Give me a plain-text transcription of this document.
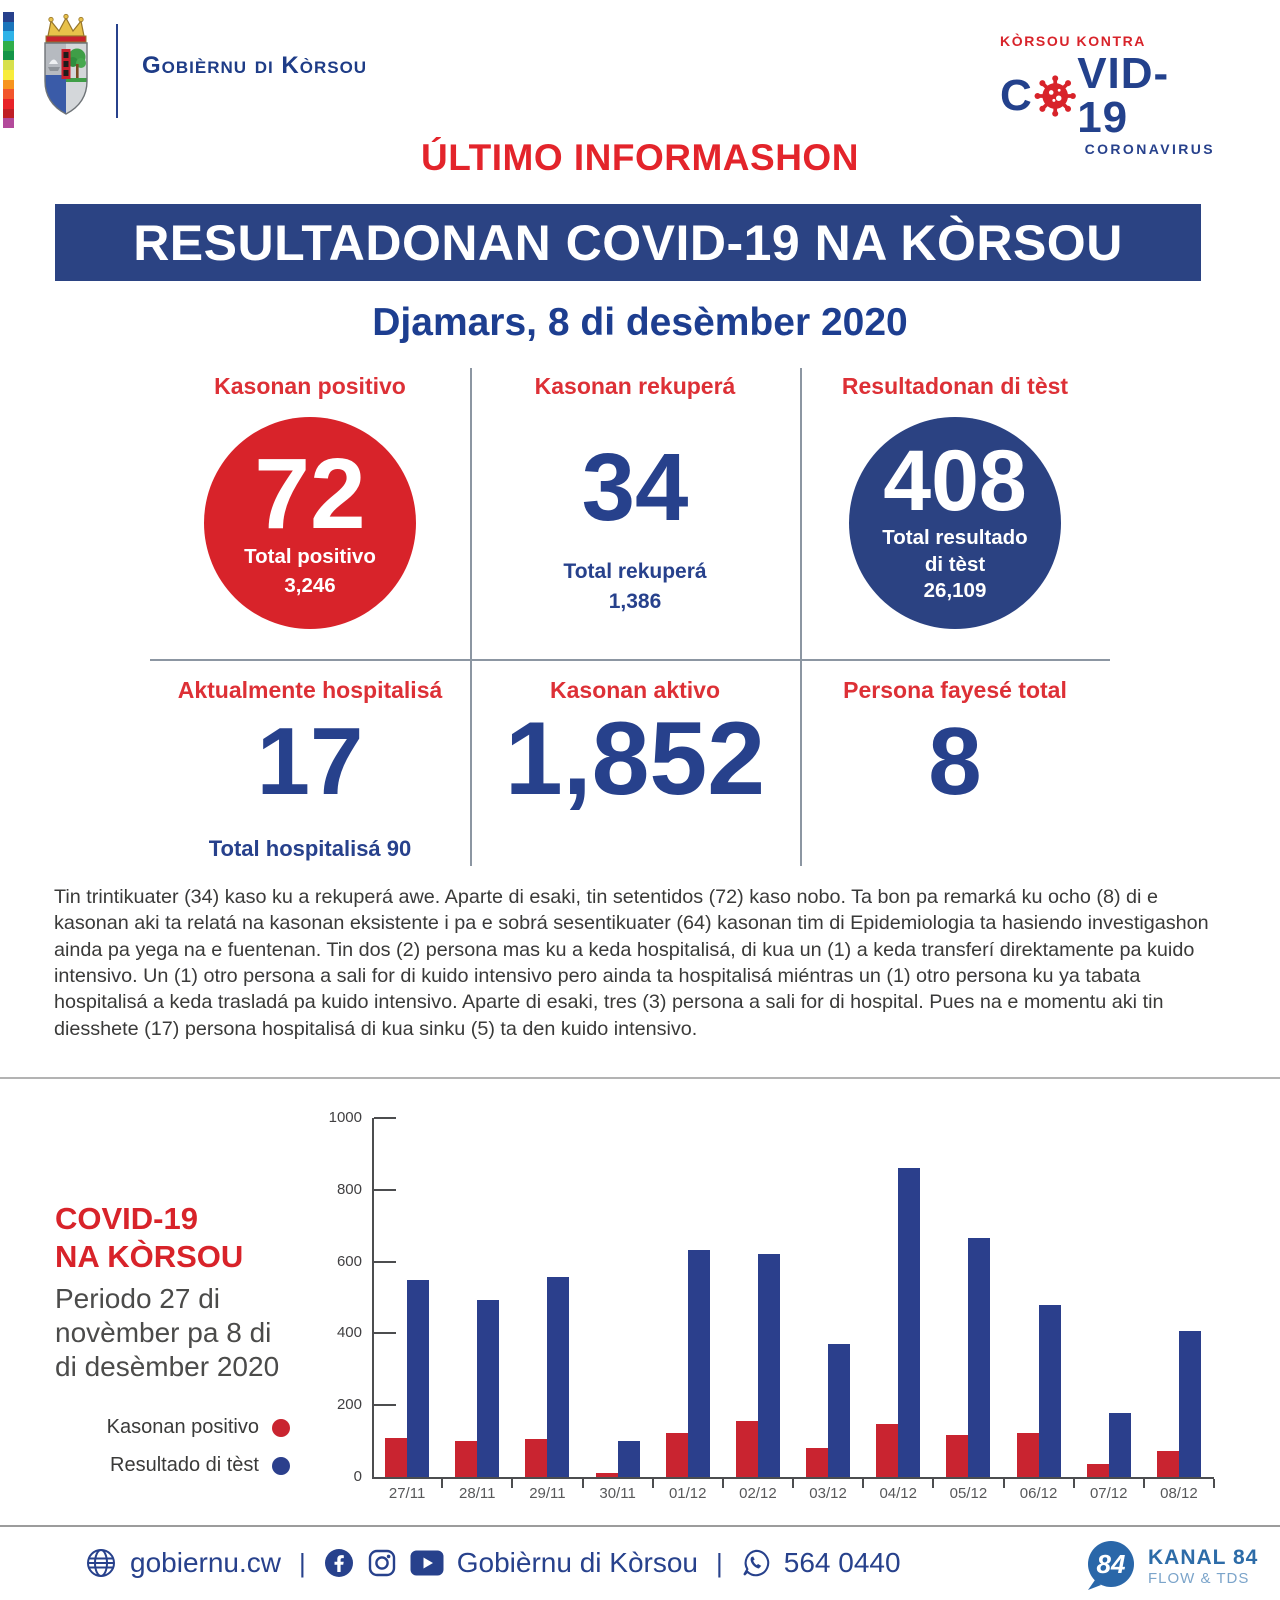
Gobièrnu di Kòrsou
KÒRSOU KONTRA
C VID-19
CORONAVIRUS
ÚLTIMO INFORMASHON
RESULTADONAN COVID-19 NA KÒRSOU
Djamars, 8 di desèmber 2020
Kasonan positivo	Kasonan rekuperá	Resultadonan di tèst
72
Total positivo
3,246
34
Total rekuperá
1,386
408
Total resultado
di tèst
26,109
Aktualmente hospitalisá	Kasonan aktivo	Persona fayesé total
17	1,852	8
Total hospitalisá 90
Tin trintikuater (34) kaso ku a rekuperá awe. Aparte di esaki, tin setentidos (72) kaso nobo. Ta bon pa remarká ku ocho (8) di e kasonan aki ta relatá na kasonan eksistente i pa e sobrá sesentikuater (64) kasonan tim di Epidemiologia ta hasiendo investigashon ainda pa yega na e fuentenan. Tin dos (2) persona mas ku a keda hospitalisá, di kua un (1) a keda transferí direktamente pa kuido intensivo. Un (1) otro persona a sali for di kuido intensivo pero ainda ta hospitalisá miéntras un (1) otro persona ku ya tabata hospitalisá a keda trasladá pa kuido intensivo. Aparte di esaki, tres (3) persona a sali for di hospital. Pues na e momentu aki tin diesshete (17) persona hospitalisá di kua sinku (5) ta den kuido intensivo.
COVID-19
NA KÒRSOU
Periodo 27 di
novèmber pa 8 di
di desèmber 2020
Kasonan positivo
Resultado di tèst
0
200
400
600
800
1000
27/11	28/11	29/11	30/11	01/12	02/12	03/12	04/12	05/12	06/12	07/12	08/12
gobiernu.cw |	Gobièrnu di Kòrsou | 564 0440	84 KANAL 84
FLOW & TDS
